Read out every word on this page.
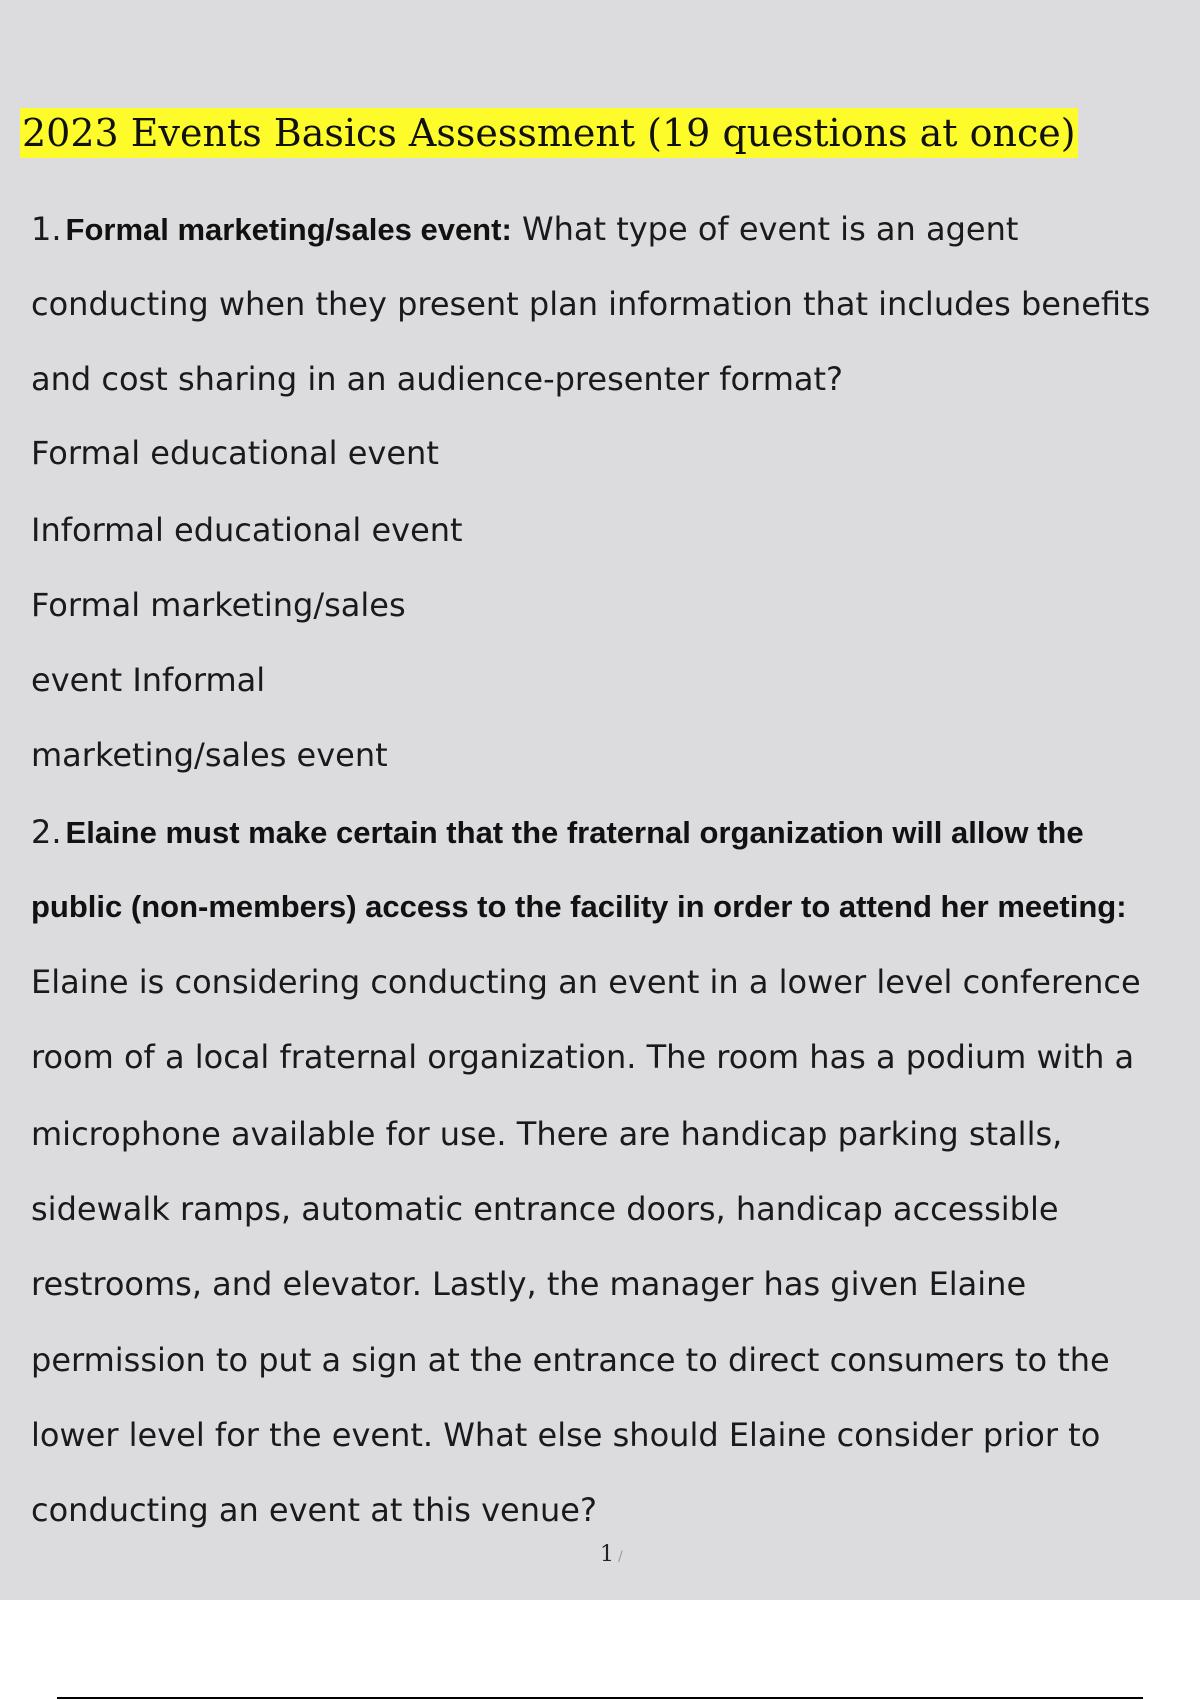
2023 Events Basics Assessment (19 questions at once)
1. Formal marketing/sales event: What type of event is an agent
conducting when they present plan information that includes benefits
and cost sharing in an audience-presenter format?
Formal educational event
Informal educational event
Formal marketing/sales
event Informal
marketing/sales event
2. Elaine must make certain that the fraternal organization will allow the
public (non-members) access to the facility in order to attend her meeting:
Elaine is considering conducting an event in a lower level conference
room of a local fraternal organization. The room has a podium with a
microphone available for use. There are handicap parking stalls,
sidewalk ramps, automatic entrance doors, handicap accessible
restrooms, and elevator. Lastly, the manager has given Elaine
permission to put a sign at the entrance to direct consumers to the
lower level for the event. What else should Elaine consider prior to
conducting an event at this venue?
1 /
